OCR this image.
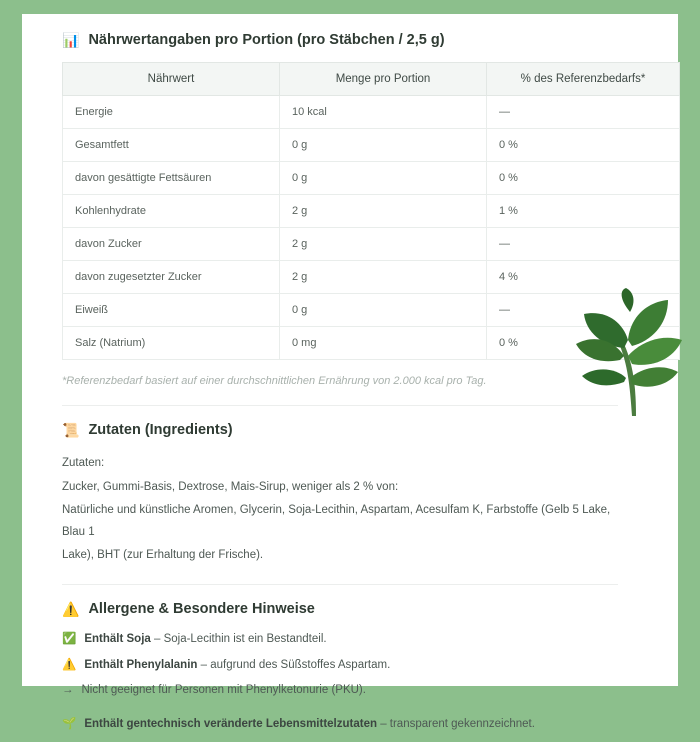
📊 Nährwertangaben pro Portion (pro Stäbchen / 2,5 g)
Nährwert	Menge pro Portion	% des Referenzbedarfs*
Energie	10 kcal	—
Gesamtfett	0 g	0 %
davon gesättigte Fettsäuren	0 g	0 %
Kohlenhydrate	2 g	1 %
davon Zucker	2 g	—
davon zugesetzter Zucker	2 g	4 %
Eiweiß	0 g	—
Salz (Natrium)	0 mg	0 %
*Referenzbedarf basiert auf einer durchschnittlichen Ernährung von 2.000 kcal pro Tag.
📜 Zutaten (Ingredients)

Zutaten:

Zucker, Gummi-Basis, Dextrose, Mais-Sirup, weniger als 2 % von:

Natürliche und künstliche Aromen, Glycerin, Soja-Lecithin, Aspartam, Acesulfam K, Farbstoffe (Gelb 5 Lake, Blau 1

Lake), BHT (zur Erhaltung der Frische).

⚠️ Allergene & Besondere Hinweise
✅ Enthält Soja – Soja-Lecithin ist ein Bestandteil.
⚠️ Enthält Phenylalanin – aufgrund des Süßstoffes Aspartam.
→ Nicht geeignet für Personen mit Phenylketonurie (PKU).
🌱 Enthält gentechnisch veränderte Lebensmittelzutaten – transparent gekennzeichnet.
